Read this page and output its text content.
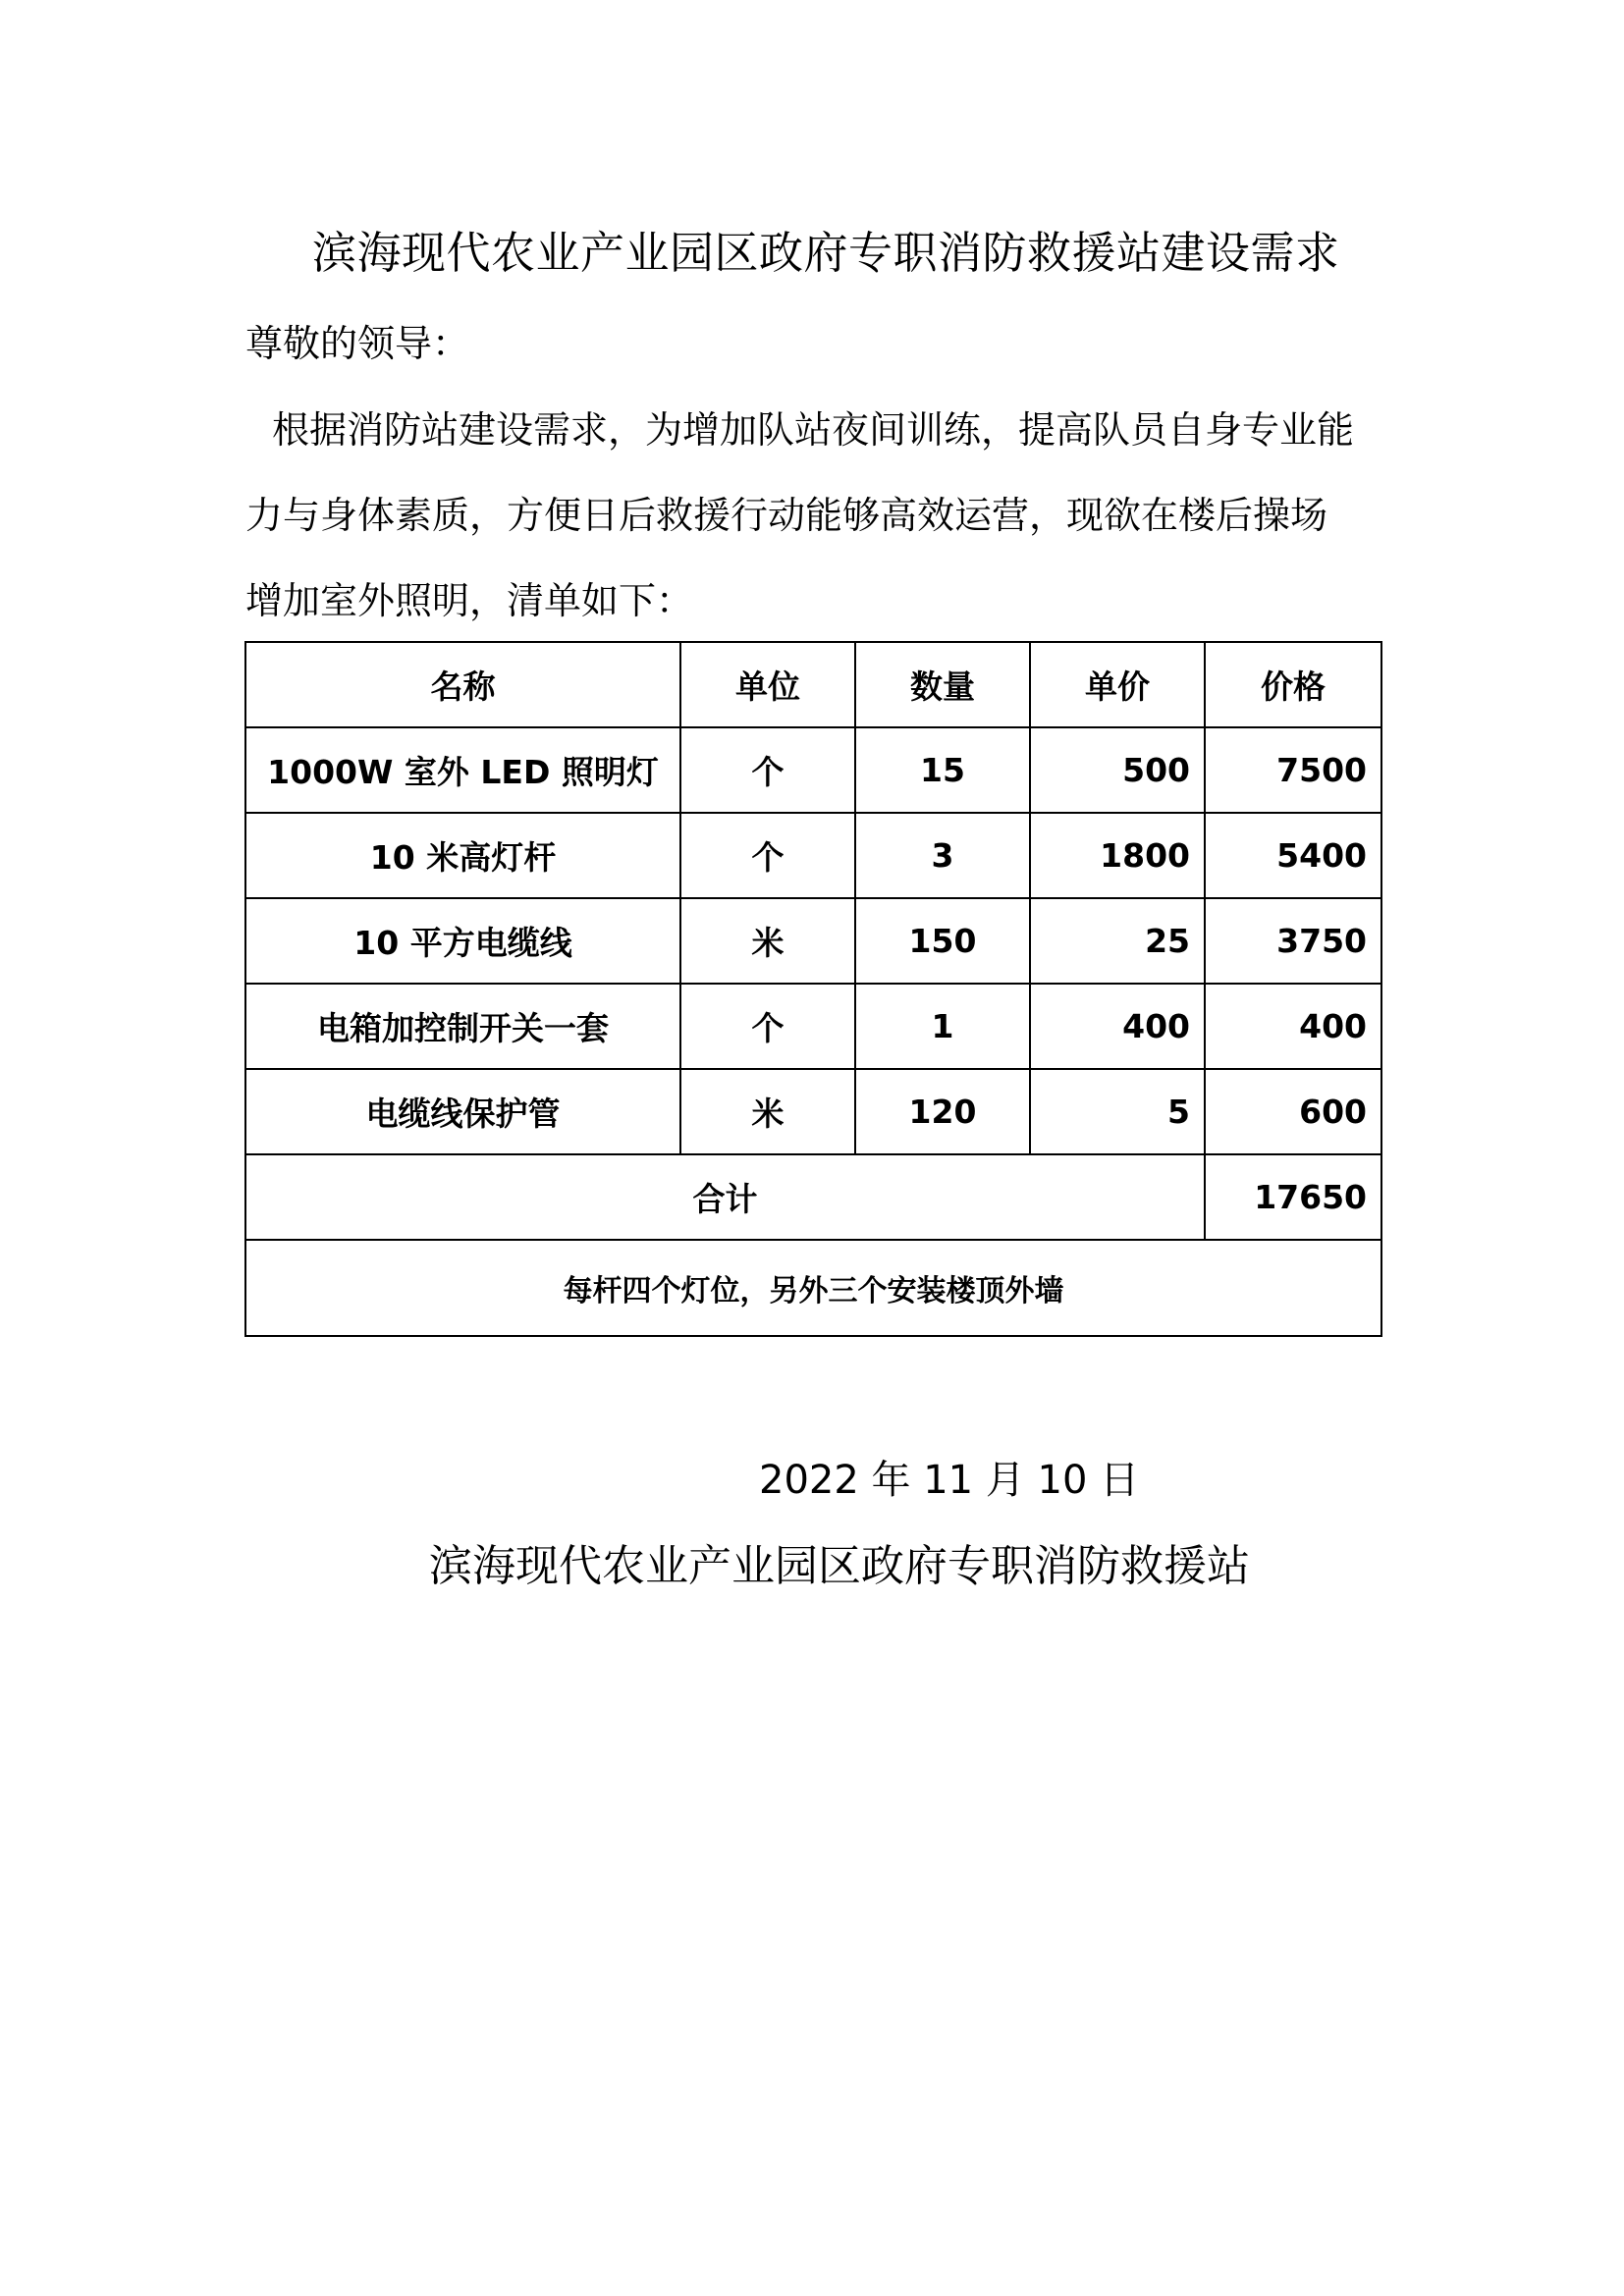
滨海现代农业产业园区政府专职消防救援站建设需求
尊敬的领导：
根据消防站建设需求，为增加队站夜间训练，提高队员自身专业能
力与身体素质，方便日后救援行动能够高效运营，现欲在楼后操场
增加室外照明，清单如下：
名称	单位	数量	单价	价格
1000W 室外 LED 照明灯	个	15	500	7500
10 米高灯杆	个	3	1800	5400
10 平方电缆线	米	150	25	3750
电箱加控制开关一套	个	1	400	400
电缆线保护管	米	120	5	600
合计				17650
每杆四个灯位，另外三个安装楼顶外墙				
2022 年 11 月 10 日
滨海现代农业产业园区政府专职消防救援站
